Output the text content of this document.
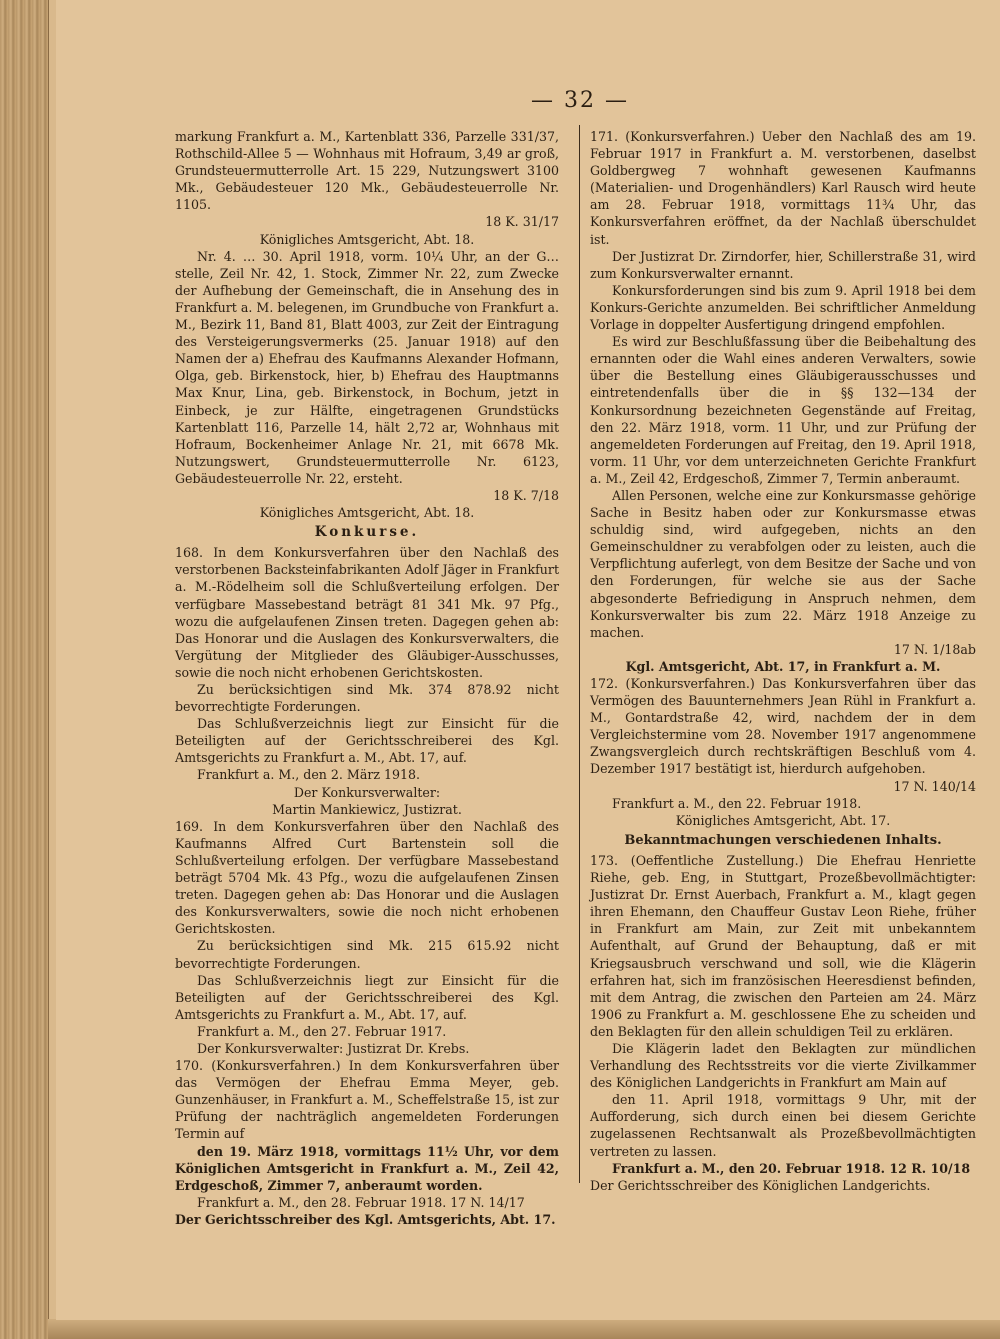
— 32 —

markung Frankfurt a. M., Kartenblatt 336, Parzelle 331/37, Rothschild-Allee 5 — Wohnhaus mit Hofraum, 3,49 ar groß, Grundsteuermutterrolle Art. 15 229, Nutzungswert 3100 Mk., Gebäudesteuer 120 Mk., Gebäudesteuerrolle Nr. 1105.

18 K. 31/17

Königliches Amtsgericht, Abt. 18.

Nr. 4. … 30. April 1918, vorm. 10¼ Uhr, an der G…stelle, Zeil Nr. 42, 1. Stock, Zimmer Nr. 22, zum Zwecke der Aufhebung der Gemeinschaft, die in Ansehung des in Frankfurt a. M. belegenen, im Grundbuche von Frankfurt a. M., Bezirk 11, Band 81, Blatt 4003, zur Zeit der Eintragung des Versteigerungsvermerks (25. Januar 1918) auf den Namen der a) Ehefrau des Kaufmanns Alexander Hofmann, Olga, geb. Birkenstock, hier, b) Ehefrau des Hauptmanns Max Knur, Lina, geb. Birkenstock, in Bochum, jetzt in Einbeck, je zur Hälfte, eingetragenen Grundstücks Kartenblatt 116, Parzelle 14, hält 2,72 ar, Wohnhaus mit Hofraum, Bockenheimer Anlage Nr. 21, mit 6678 Mk. Nutzungswert, Grundsteuermutterrolle Nr. 6123, Gebäudesteuerrolle Nr. 22, ersteht.

18 K. 7/18

Königliches Amtsgericht, Abt. 18.

Konkurse.

168. In dem Konkursverfahren über den Nachlaß des verstorbenen Backsteinfabrikanten Adolf Jäger in Frankfurt a. M.-Rödelheim soll die Schlußverteilung erfolgen. Der verfügbare Massebestand beträgt 81 341 Mk. 97 Pfg., wozu die aufgelaufenen Zinsen treten. Dagegen gehen ab: Das Honorar und die Auslagen des Konkursverwalters, die Vergütung der Mitglieder des Gläubiger-Ausschusses, sowie die noch nicht erhobenen Gerichtskosten.

Zu berücksichtigen sind Mk. 374 878.92 nicht bevorrechtigte Forderungen.

Das Schlußverzeichnis liegt zur Einsicht für die Beteiligten auf der Gerichtsschreiberei des Kgl. Amtsgerichts zu Frankfurt a. M., Abt. 17, auf.

Frankfurt a. M., den 2. März 1918.

Der Konkursverwalter:

Martin Mankiewicz, Justizrat.

169. In dem Konkursverfahren über den Nachlaß des Kaufmanns Alfred Curt Bartenstein soll die Schlußverteilung erfolgen. Der verfügbare Massebestand beträgt 5704 Mk. 43 Pfg., wozu die aufgelaufenen Zinsen treten. Dagegen gehen ab: Das Honorar und die Auslagen des Konkursverwalters, sowie die noch nicht erhobenen Gerichtskosten.

Zu berücksichtigen sind Mk. 215 615.92 nicht bevorrechtigte Forderungen.

Das Schlußverzeichnis liegt zur Einsicht für die Beteiligten auf der Gerichtsschreiberei des Kgl. Amtsgerichts zu Frankfurt a. M., Abt. 17, auf.

Frankfurt a. M., den 27. Februar 1917.

Der Konkursverwalter: Justizrat Dr. Krebs.

170. (Konkursverfahren.) In dem Konkursverfahren über das Vermögen der Ehefrau Emma Meyer, geb. Gunzenhäuser, in Frankfurt a. M., Scheffelstraße 15, ist zur Prüfung der nachträglich angemeldeten Forderungen Termin auf

den 19. März 1918, vormittags 11½ Uhr, vor dem Königlichen Amtsgericht in Frankfurt a. M., Zeil 42, Erdgeschoß, Zimmer 7, anberaumt worden.

Frankfurt a. M., den 28. Februar 1918. 17 N. 14/17

Der Gerichtsschreiber des Kgl. Amtsgerichts, Abt. 17.

171. (Konkursverfahren.) Ueber den Nachlaß des am 19. Februar 1917 in Frankfurt a. M. verstorbenen, daselbst Goldbergweg 7 wohnhaft gewesenen Kaufmanns (Materialien- und Drogenhändlers) Karl Rausch wird heute am 28. Februar 1918, vormittags 11¾ Uhr, das Konkursverfahren eröffnet, da der Nachlaß überschuldet ist.

Der Justizrat Dr. Zirndorfer, hier, Schillerstraße 31, wird zum Konkursverwalter ernannt.

Konkursforderungen sind bis zum 9. April 1918 bei dem Konkurs-Gerichte anzumelden. Bei schriftlicher Anmeldung Vorlage in doppelter Ausfertigung dringend empfohlen.

Es wird zur Beschlußfassung über die Beibehaltung des ernannten oder die Wahl eines anderen Verwalters, sowie über die Bestellung eines Gläubigerausschusses und eintretendenfalls über die in §§ 132—134 der Konkursordnung bezeichneten Gegenstände auf Freitag, den 22. März 1918, vorm. 11 Uhr, und zur Prüfung der angemeldeten Forderungen auf Freitag, den 19. April 1918, vorm. 11 Uhr, vor dem unterzeichneten Gerichte Frankfurt a. M., Zeil 42, Erdgeschoß, Zimmer 7, Termin anberaumt.

Allen Personen, welche eine zur Konkursmasse gehörige Sache in Besitz haben oder zur Konkursmasse etwas schuldig sind, wird aufgegeben, nichts an den Gemeinschuldner zu verabfolgen oder zu leisten, auch die Verpflichtung auferlegt, von dem Besitze der Sache und von den Forderungen, für welche sie aus der Sache abgesonderte Befriedigung in Anspruch nehmen, dem Konkursverwalter bis zum 22. März 1918 Anzeige zu machen.

17 N. 1/18ab

Kgl. Amtsgericht, Abt. 17, in Frankfurt a. M.

172. (Konkursverfahren.) Das Konkursverfahren über das Vermögen des Bauunternehmers Jean Rühl in Frankfurt a. M., Gontardstraße 42, wird, nachdem der in dem Vergleichstermine vom 28. November 1917 angenommene Zwangsvergleich durch rechtskräftigen Beschluß vom 4. Dezember 1917 bestätigt ist, hierdurch aufgehoben.

17 N. 140/14

Frankfurt a. M., den 22. Februar 1918.

Königliches Amtsgericht, Abt. 17.

Bekanntmachungen verschiedenen Inhalts.

173. (Oeffentliche Zustellung.) Die Ehefrau Henriette Riehe, geb. Eng, in Stuttgart, Prozeßbevollmächtigter: Justizrat Dr. Ernst Auerbach, Frankfurt a. M., klagt gegen ihren Ehemann, den Chauffeur Gustav Leon Riehe, früher in Frankfurt am Main, zur Zeit mit unbekanntem Aufenthalt, auf Grund der Behauptung, daß er mit Kriegsausbruch verschwand und soll, wie die Klägerin erfahren hat, sich im französischen Heeresdienst befinden, mit dem Antrag, die zwischen den Parteien am 24. März 1906 zu Frankfurt a. M. geschlossene Ehe zu scheiden und den Beklagten für den allein schuldigen Teil zu erklären.

Die Klägerin ladet den Beklagten zur mündlichen Verhandlung des Rechtsstreits vor die vierte Zivilkammer des Königlichen Landgerichts in Frankfurt am Main auf

den 11. April 1918, vormittags 9 Uhr, mit der Aufforderung, sich durch einen bei diesem Gerichte zugelassenen Rechtsanwalt als Prozeßbevollmächtigten vertreten zu lassen.

Frankfurt a. M., den 20. Februar 1918. 12 R. 10/18

Der Gerichtsschreiber des Königlichen Landgerichts.
